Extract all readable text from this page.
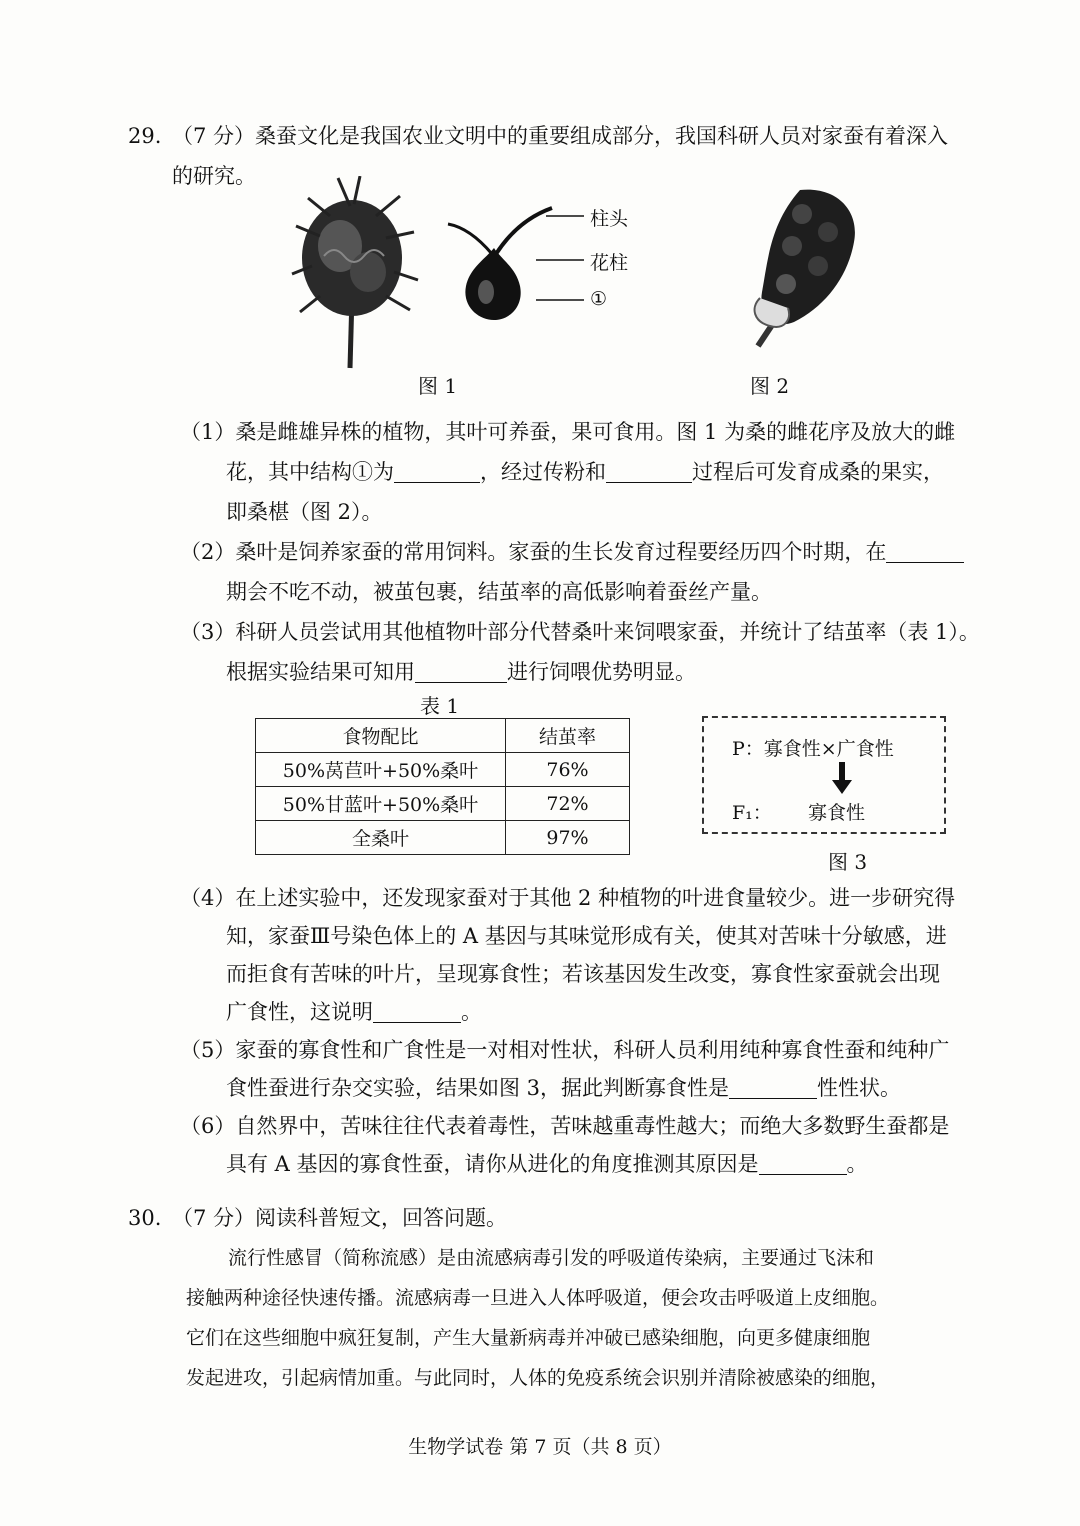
29. （7 分）桑蚕文化是我国农业文明中的重要组成部分，我国科研人员对家蚕有着深入
的研究。
柱头
花柱
①
图 1	图 2
（1）桑是雌雄异株的植物，其叶可养蚕，果可食用。图 1 为桑的雌花序及放大的雌
花，其中结构①为	，经过传粉和	过程后可发育成桑的果实，
即桑椹（图 2）。
（2）桑叶是饲养家蚕的常用饲料。家蚕的生长发育过程要经历四个时期，在
期会不吃不动，被茧包裹，结茧率的高低影响着蚕丝产量。
（3）科研人员尝试用其他植物叶部分代替桑叶来饲喂家蚕，并统计了结茧率（表 1）。
根据实验结果可知用	进行饲喂优势明显。
表 1
食物配比	结茧率
50%莴苣叶+50%桑叶	76%
50%甘蓝叶+50%桑叶	72%
全桑叶	97%
P：寡食性×广食性
F₁： 寡食性
图 3
（4）在上述实验中，还发现家蚕对于其他 2 种植物的叶进食量较少。进一步研究得
知，家蚕Ⅲ号染色体上的 A 基因与其味觉形成有关，使其对苦味十分敏感，进
而拒食有苦味的叶片，呈现寡食性；若该基因发生改变，寡食性家蚕就会出现
广食性，这说明	。
（5）家蚕的寡食性和广食性是一对相对性状，科研人员利用纯种寡食性蚕和纯种广
食性蚕进行杂交实验，结果如图 3，据此判断寡食性是	性性状。
（6）自然界中，苦味往往代表着毒性，苦味越重毒性越大；而绝大多数野生蚕都是
具有 A 基因的寡食性蚕，请你从进化的角度推测其原因是	。
30. （7 分）阅读科普短文，回答问题。
流行性感冒（简称流感）是由流感病毒引发的呼吸道传染病，主要通过飞沫和
接触两种途径快速传播。流感病毒一旦进入人体呼吸道，便会攻击呼吸道上皮细胞。
它们在这些细胞中疯狂复制，产生大量新病毒并冲破已感染细胞，向更多健康细胞
发起进攻，引起病情加重。与此同时，人体的免疫系统会识别并清除被感染的细胞，
生物学试卷 第 7 页（共 8 页）
